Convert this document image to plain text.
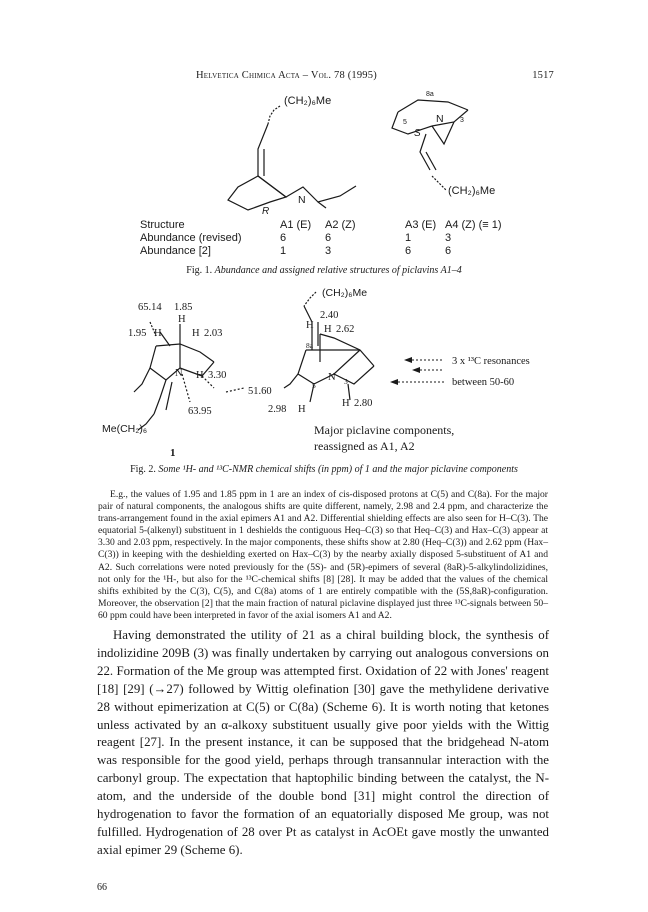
Helvetica Chimica Acta – Vol. 78 (1995)	1517
(CH₂)₆Me
N
R
8a
5	3
S
N
(CH₂)₆Me
Structure	A1 (E)	A2 (Z)	A3 (E)	A4 (Z) (≡ 1)
Abundance (revised)	6	6	1	3
Abundance [2]	1	3	6	6
Fig. 1. Abundance and assigned relative structures of piclavins A1–4
65.14 1.85
H
1.95 H	H 2.03
N H 3.30
51.60
63.95
Me(CH₂)₆
1
(CH₂)₆Me
H
2.40
H 2.62
8a
5
N 3
H
2.98
H 2.80
3 x ¹³C resonances
between 50-60
Major piclavine components,
reassigned as A1, A2
Fig. 2. Some ¹H- and ¹³C-NMR chemical shifts (in ppm) of 1 and the major piclavine components

E.g., the values of 1.95 and 1.85 ppm in 1 are an index of cis-disposed protons at C(5) and C(8a). For the major pair of natural components, the analogous shifts are quite different, namely, 2.98 and 2.4 ppm, and characterize the trans-arrangement found in the axial epimers A1 and A2. Differential shielding effects are also seen for H–C(3). The equatorial 5-(alkenyl) substituent in 1 deshields the contiguous Heq–C(3) so that Heq–C(3) and Hax–C(3) appear at 3.30 and 2.03 ppm, respectively. In the major components, these shifts show at 2.80 (Heq–C(3)) and 2.62 ppm (Hax–C(3)) in keeping with the deshielding exerted on Hax–C(3) by the nearby axially disposed 5-substituent of A1 and A2. Such correlations were noted previously for the (5S)- and (5R)-epimers of several (8aR)-5-alkylindolizidines, not only for the ¹H-, but also for the ¹³C-chemical shifts [8] [28]. It may be added that the values of the chemical shifts exhibited by the C(3), C(5), and C(8a) atoms of 1 are entirely compatible with the (5S,8aR)-configuration. Moreover, the observation [2] that the main fraction of natural piclavine displayed just three ¹³C-signals between 50–60 ppm could have been interpreted in favor of the axial isomers A1 and A2.

Having demonstrated the utility of 21 as a chiral building block, the synthesis of indolizidine 209B (3) was finally undertaken by carrying out analogous conversions on 22. Formation of the Me group was attempted first. Oxidation of 22 with Jones' reagent [18] [29] (→27) followed by Wittig olefination [30] gave the methylidene derivative 28 without epimerization at C(5) or C(8a) (Scheme 6). It is worth noting that ketones unless activated by an α-alkoxy substituent usually give poor yields with the Wittig reagent [27]. In the present instance, it can be supposed that the bridgehead N-atom was responsible for the good yield, perhaps through transannular interaction with the carbonyl group. The expectation that haptophilic binding between the catalyst, the N-atom, and the underside of the double bond [31] might control the direction of hydrogenation to favor the formation of an equatorially disposed Me group, was not fulfilled. Hydrogenation of 28 over Pt as catalyst in AcOEt gave mostly the unwanted axial epimer 29 (Scheme 6).

66
